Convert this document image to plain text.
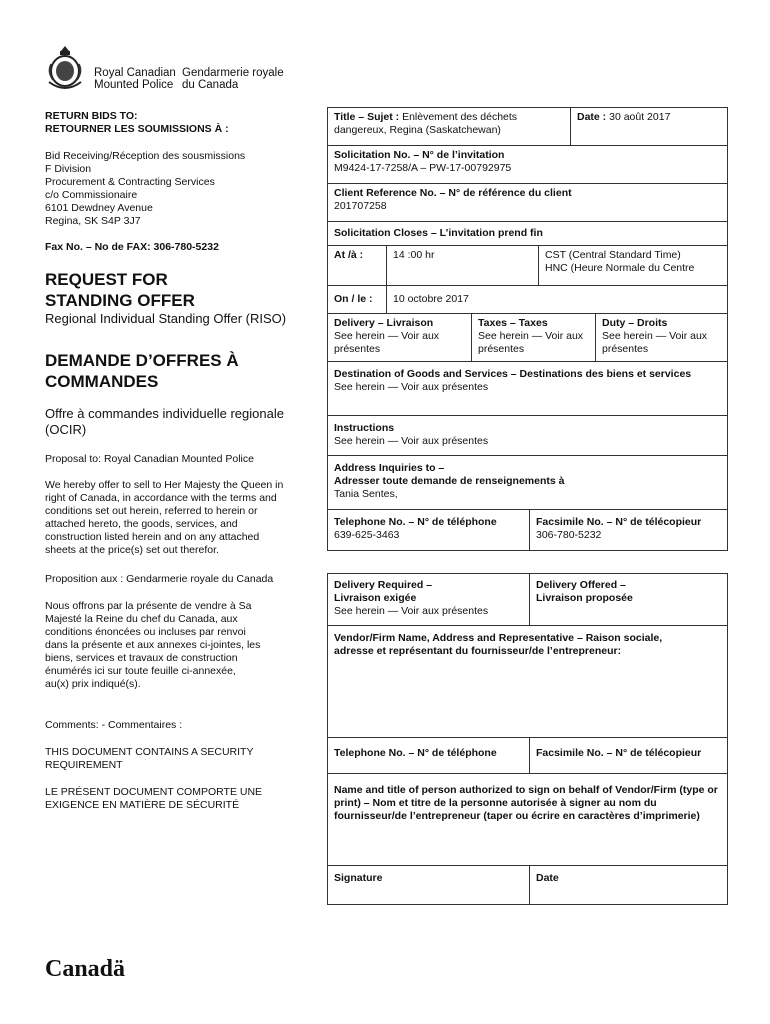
Royal Canadian
Mounted Police
Gendarmerie royale
du Canada
RETURN BIDS TO:
RETOURNER LES SOUMISSIONS À :
Bid Receiving/Réception des sousmissions
F Division
Procurement & Contracting Services
c/o Commissionaire
6101 Dewdney Avenue
Regina, SK S4P 3J7
Fax No. – No de FAX: 306-780-5232
REQUEST FOR
STANDING OFFER
Regional Individual Standing Offer (RISO)
DEMANDE D’OFFRES À
COMMANDES
Offre à commandes individuelle regionale
(OCIR)
Proposal to: Royal Canadian Mounted Police
We hereby offer to sell to Her Majesty the Queen in
right of Canada, in accordance with the terms and
conditions set out herein, referred to herein or
attached hereto, the goods, services, and
construction listed herein and on any attached
sheets at the price(s) set out therefor.
Proposition aux : Gendarmerie royale du Canada
Nous offrons par la présente de vendre à Sa
Majesté la Reine du chef du Canada, aux
conditions énoncées ou incluses par renvoi
dans la présente et aux annexes ci-jointes, les
biens, services et travaux de construction
énumérés ici sur toute feuille ci-annexée,
au(x) prix indiqué(s).
Comments: - Commentaires :
THIS DOCUMENT CONTAINS A SECURITY
REQUIREMENT
LE PRÉSENT DOCUMENT COMPORTE UNE
EXIGENCE EN MATIÈRE DE SÉCURITÉ
Title – Sujet : Enlèvement des déchets
dangereux, Regina (Saskatchewan)
Date : 30 août 2017
Solicitation No. – N° de l’invitation
M9424-17-7258/A – PW-17-00792975
Client Reference No. – N° de référence du client
201707258
Solicitation Closes – L’invitation prend fin
At /à :	14 :00 hr	CST (Central Standard Time)
HNC (Heure Normale du Centre
On / le :	10 octobre 2017
Delivery – Livraison
See herein — Voir aux présentes
Taxes – Taxes
See herein — Voir aux présentes
Duty – Droits
See herein — Voir aux présentes
Destination of Goods and Services – Destinations des biens et services
See herein — Voir aux présentes
Instructions
See herein — Voir aux présentes
Address Inquiries to –
Adresser toute demande de renseignements à
Tania Sentes,
Telephone No. – N° de téléphone
639-625-3463
Facsimile No. – N° de télécopieur
306-780-5232
Delivery Required –
Livraison exigée
See herein — Voir aux présentes
Delivery Offered –
Livraison proposée
Vendor/Firm Name, Address and Representative – Raison sociale,
adresse et représentant du fournisseur/de l’entrepreneur:
Telephone No. – N° de téléphone	Facsimile No. – N° de télécopieur
Name and title of person authorized to sign on behalf of Vendor/Firm (type or print) – Nom et titre de la personne autorisée à signer au nom du fournisseur/de l’entrepreneur (taper ou écrire en caractères d’imprimerie)
Signature	Date
Canadä
